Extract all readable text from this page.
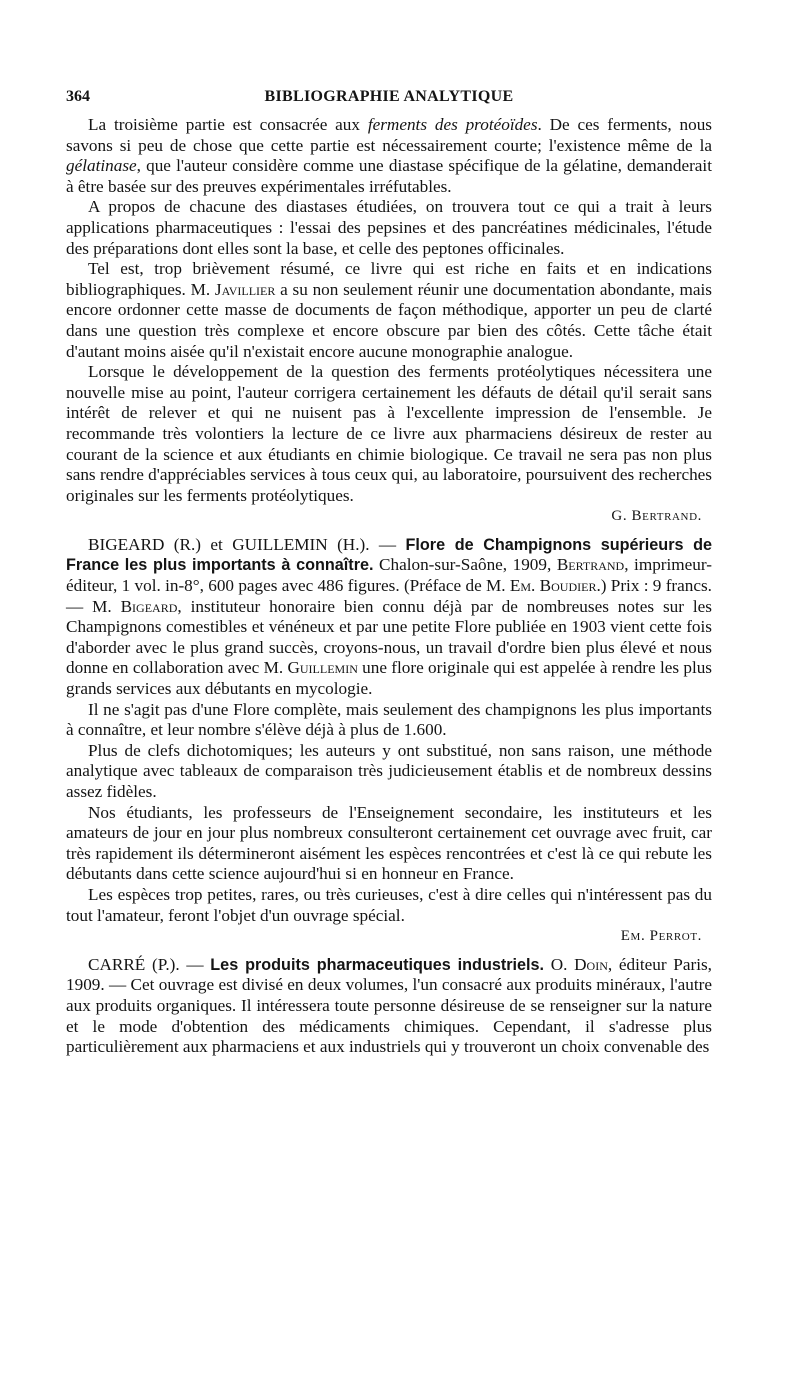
364	BIBLIOGRAPHIE ANALYTIQUE

La troisième partie est consacrée aux ferments des protéoïdes. De ces ferments, nous savons si peu de chose que cette partie est nécessairement courte; l'existence même de la gélatinase, que l'auteur considère comme une diastase spécifique de la gélatine, demanderait à être basée sur des preuves expérimentales irréfutables.

A propos de chacune des diastases étudiées, on trouvera tout ce qui a trait à leurs applications pharmaceutiques : l'essai des pepsines et des pancréatines médicinales, l'étude des préparations dont elles sont la base, et celle des peptones officinales.

Tel est, trop brièvement résumé, ce livre qui est riche en faits et en indications bibliographiques. M. Javillier a su non seulement réunir une documentation abondante, mais encore ordonner cette masse de documents de façon méthodique, apporter un peu de clarté dans une question très complexe et encore obscure par bien des côtés. Cette tâche était d'autant moins aisée qu'il n'existait encore aucune monographie analogue.

Lorsque le développement de la question des ferments protéolytiques nécessitera une nouvelle mise au point, l'auteur corrigera certainement les défauts de détail qu'il serait sans intérêt de relever et qui ne nuisent pas à l'excellente impression de l'ensemble. Je recommande très volontiers la lecture de ce livre aux pharmaciens désireux de rester au courant de la science et aux étudiants en chimie biologique. Ce travail ne sera pas non plus sans rendre d'appréciables services à tous ceux qui, au laboratoire, poursuivent des recherches originales sur les ferments protéolytiques.

G. Bertrand.

BIGEARD (R.) et GUILLEMIN (H.). — Flore de Champignons supérieurs de France les plus importants à connaître. Chalon-sur-Saône, 1909, Bertrand, imprimeur-éditeur, 1 vol. in-8°, 600 pages avec 486 figures. (Préface de M. Em. Boudier.) Prix : 9 francs. — M. Bigeard, instituteur honoraire bien connu déjà par de nombreuses notes sur les Champignons comestibles et vénéneux et par une petite Flore publiée en 1903 vient cette fois d'aborder avec le plus grand succès, croyons-nous, un travail d'ordre bien plus élevé et nous donne en collaboration avec M. Guillemin une flore originale qui est appelée à rendre les plus grands services aux débutants en mycologie.

Il ne s'agit pas d'une Flore complète, mais seulement des champignons les plus importants à connaître, et leur nombre s'élève déjà à plus de 1.600.

Plus de clefs dichotomiques; les auteurs y ont substitué, non sans raison, une méthode analytique avec tableaux de comparaison très judicieusement établis et de nombreux dessins assez fidèles.

Nos étudiants, les professeurs de l'Enseignement secondaire, les instituteurs et les amateurs de jour en jour plus nombreux consulteront certainement cet ouvrage avec fruit, car très rapidement ils détermineront aisément les espèces rencontrées et c'est là ce qui rebute les débutants dans cette science aujourd'hui si en honneur en France.

Les espèces trop petites, rares, ou très curieuses, c'est à dire celles qui n'intéressent pas du tout l'amateur, feront l'objet d'un ouvrage spécial.

Em. Perrot.

CARRÉ (P.). — Les produits pharmaceutiques industriels. O. Doin, éditeur Paris, 1909. — Cet ouvrage est divisé en deux volumes, l'un consacré aux produits minéraux, l'autre aux produits organiques. Il intéressera toute personne désireuse de se renseigner sur la nature et le mode d'obtention des médicaments chimiques. Cependant, il s'adresse plus particulièrement aux pharmaciens et aux industriels qui y trouveront un choix convenable des
